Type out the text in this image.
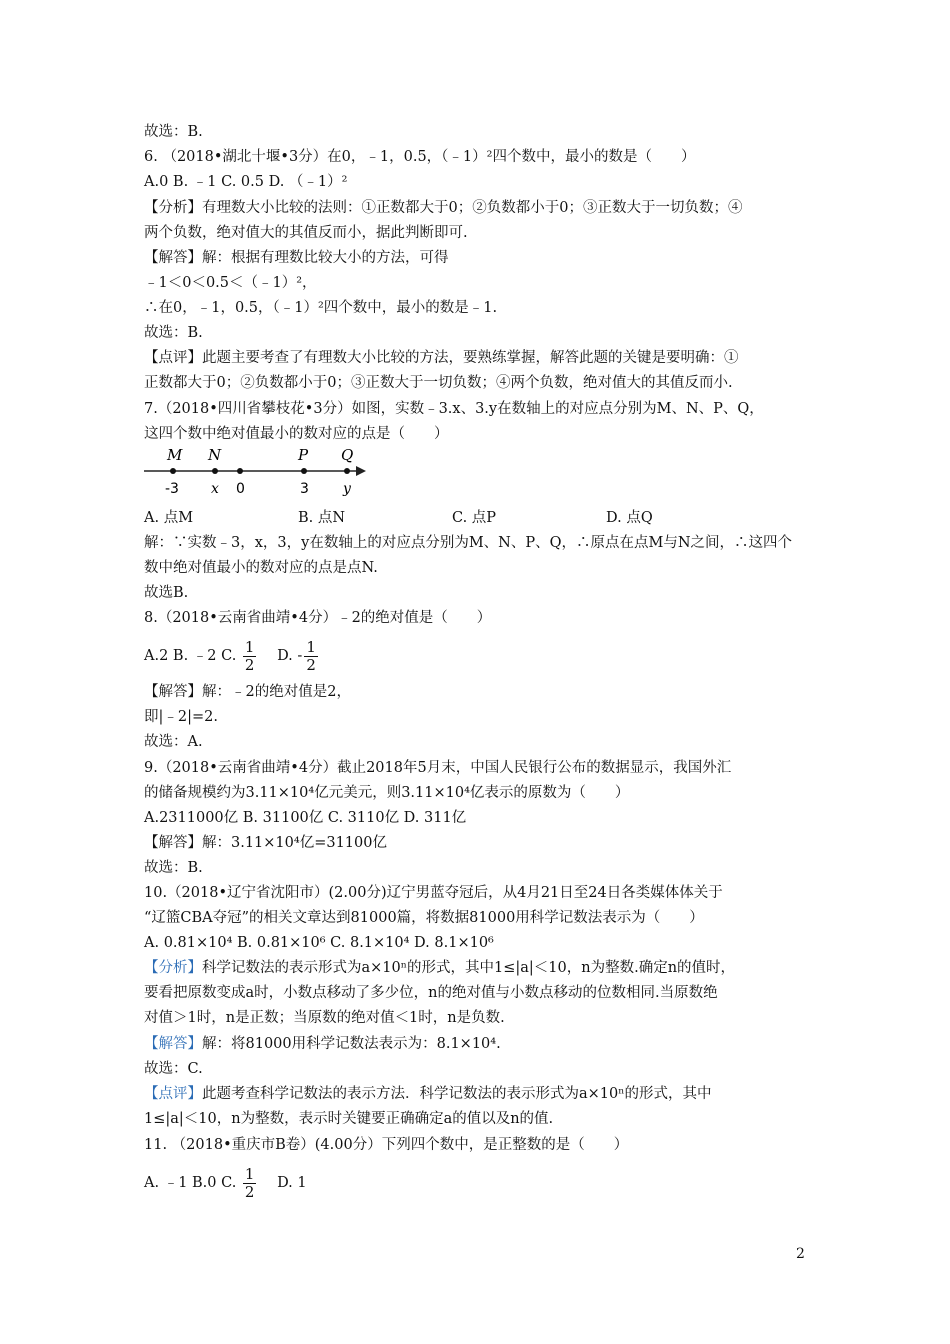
故选：B.
6. （2018•湖北十堰•3分）在0，﹣1，0.5，（﹣1）²四个数中，最小的数是（　　）
A.0 B. ﹣1 C. 0.5 D. （﹣1）²
【分析】有理数大小比较的法则：①正数都大于0；②负数都小于0；③正数大于一切负数；④
两个负数，绝对值大的其值反而小，据此判断即可.
【解答】解：根据有理数比较大小的方法，可得
﹣1＜0＜0.5＜（﹣1）²，
∴在0，﹣1，0.5，（﹣1）²四个数中，最小的数是﹣1.
故选：B.
【点评】此题主要考查了有理数大小比较的方法，要熟练掌握，解答此题的关键是要明确：①
正数都大于0；②负数都小于0；③正数大于一切负数；④两个负数，绝对值大的其值反而小.
7.（2018•四川省攀枝花•3分）如图，实数﹣3.x、3.y在数轴上的对应点分别为M、N、P、Q，
这四个数中绝对值最小的数对应的点是（　　）
M N	P Q
-3 x 0	3 y
A. 点M	B. 点N	C. 点P	D. 点Q
解：∵实数﹣3，x，3，y在数轴上的对应点分别为M、N、P、Q，∴原点在点M与N之间，∴这四个
数中绝对值最小的数对应的点是点N.
故选B.
8.（2018•云南省曲靖•4分）﹣2的绝对值是（　　）
A.2 B. ﹣2 C. $\frac{1}{2} D$. - $\frac{1}{2}$
【解答】解：﹣2的绝对值是2，
即|﹣2|=2.
故选：A.
9.（2018•云南省曲靖•4分）截止2018年5月末，中国人民银行公布的数据显示，我国外汇
的储备规模约为3.11×10⁴亿元美元，则3.11×10⁴亿表示的原数为（　　）
A.2311000亿 B. 31100亿 C. 3110亿 D. 311亿
【解答】解：3.11×10⁴亿=31100亿
故选：B.
10.（2018•辽宁省沈阳市）(2.00分)辽宁男蓝夺冠后，从4月21日至24日各类媒体体关于
“辽篮CBA夺冠”的相关文章达到81000篇，将数据81000用科学记数法表示为（　　）
A. 0.81×10⁴ B. 0.81×10⁶ C. 8.1×10⁴ D. 8.1×10⁶
【分析】科学记数法的表示形式为a×10ⁿ的形式，其中1≤|a|＜10，n为整数.确定n的值时，
要看把原数变成a时，小数点移动了多少位，n的绝对值与小数点移动的位数相同.当原数绝
对值＞1时，n是正数；当原数的绝对值＜1时，n是负数.
【解答】解：将81000用科学记数法表示为：8.1×10⁴.
故选：C.
【点评】此题考查科学记数法的表示方法．科学记数法的表示形式为a×10ⁿ的形式，其中
1≤|a|＜10，n为整数，表示时关键要正确确定a的值以及n的值.
11. （2018•重庆市B卷）(4.00分）下列四个数中，是正整数的是（　　）
A. ﹣1 B.0 C. $\frac{1}{2} D$. 1
2
